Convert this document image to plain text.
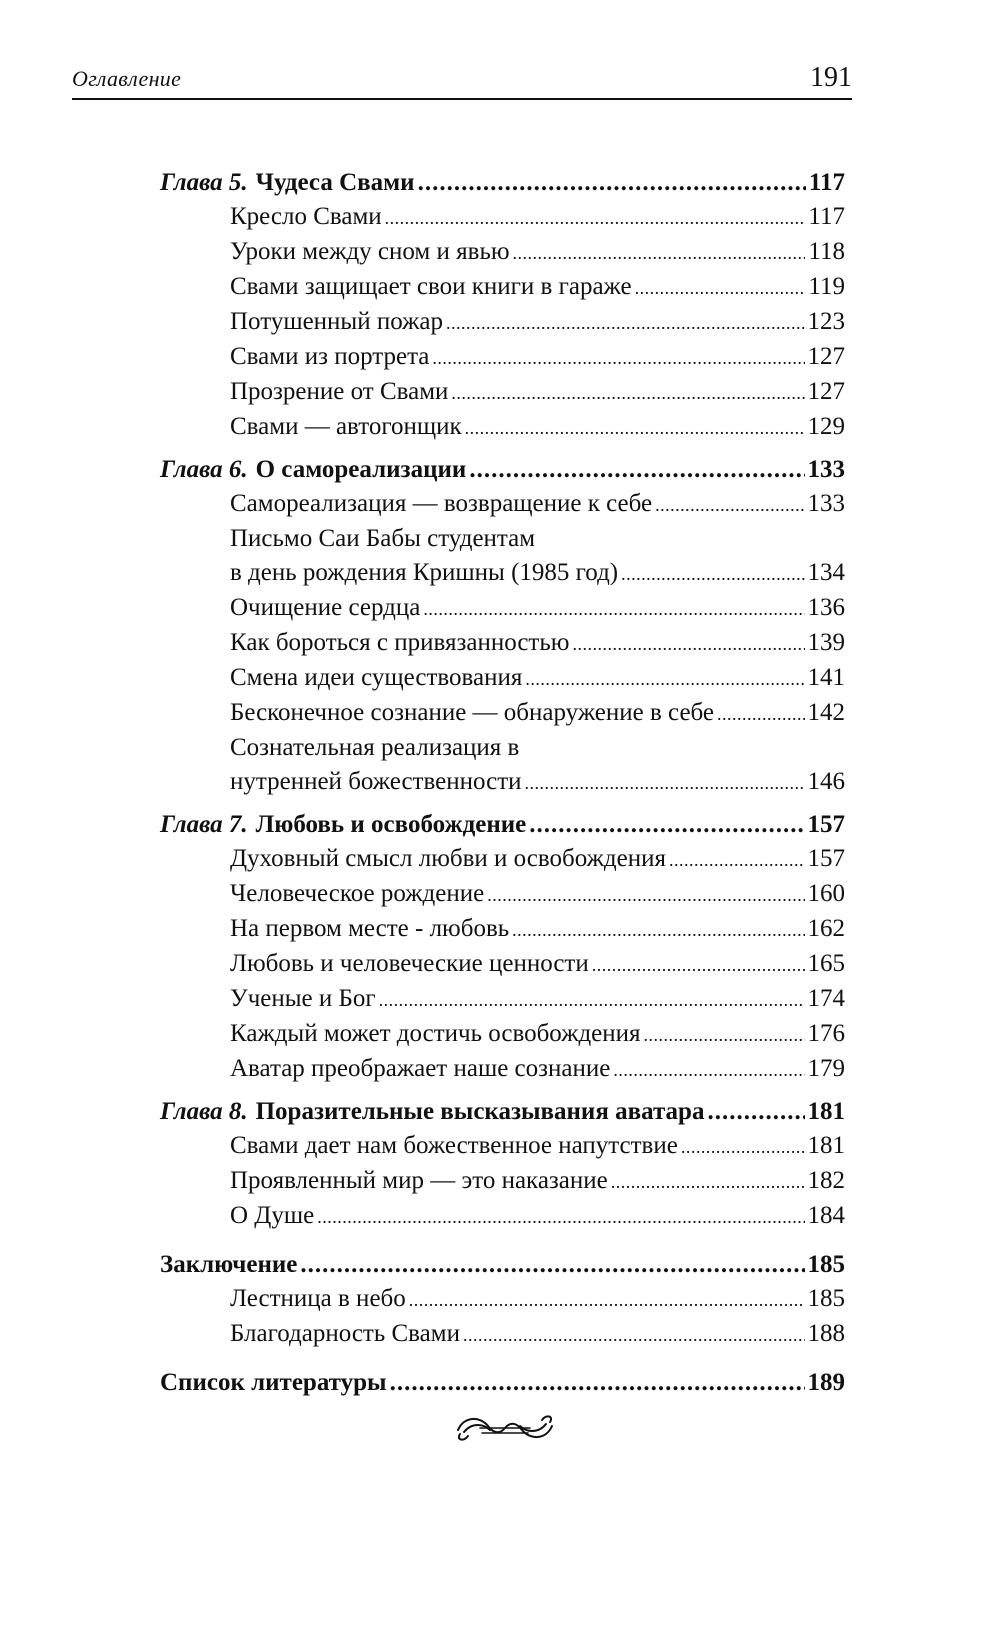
Оглавление	191
Глава 5. Чудеса Свами .....	117
Кресло Свами .....	117
Уроки между сном и явью .....	118
Свами защищает свои книги в гараже .....	119
Потушенный пожар .....	123
Свами из портрета .....	127
Прозрение от Свами .....	127
Свами — автогонщик .....	129
Глава 6. О самореализации .....	133
Самореализация — возвращение к себе .....	133
Письмо Саи Бабы студентам
в день рождения Кришны (1985 год) .....	134
Очищение сердца .....	136
Как бороться с привязанностью .....	139
Смена идеи существования .....	141
Бесконечное сознание — обнаружение в себе .....	142
Сознательная реализация в
нутренней божественности .....	146
Глава 7. Любовь и освобождение .....	157
Духовный смысл любви и освобождения .....	157
Человеческое рождение .....	160
На первом месте - любовь .....	162
Любовь и человеческие ценности .....	165
Ученые и Бог .....	174
Каждый может достичь освобождения .....	176
Аватар преображает наше сознание .....	179
Глава 8. Поразительные высказывания аватара .....	181
Свами дает нам божественное напутствие .....	181
Проявленный мир — это наказание .....	182
О Душе .....	184
Заключение .....	185
Лестница в небо .....	185
Благодарность Свами .....	188
Список литературы .....	189
